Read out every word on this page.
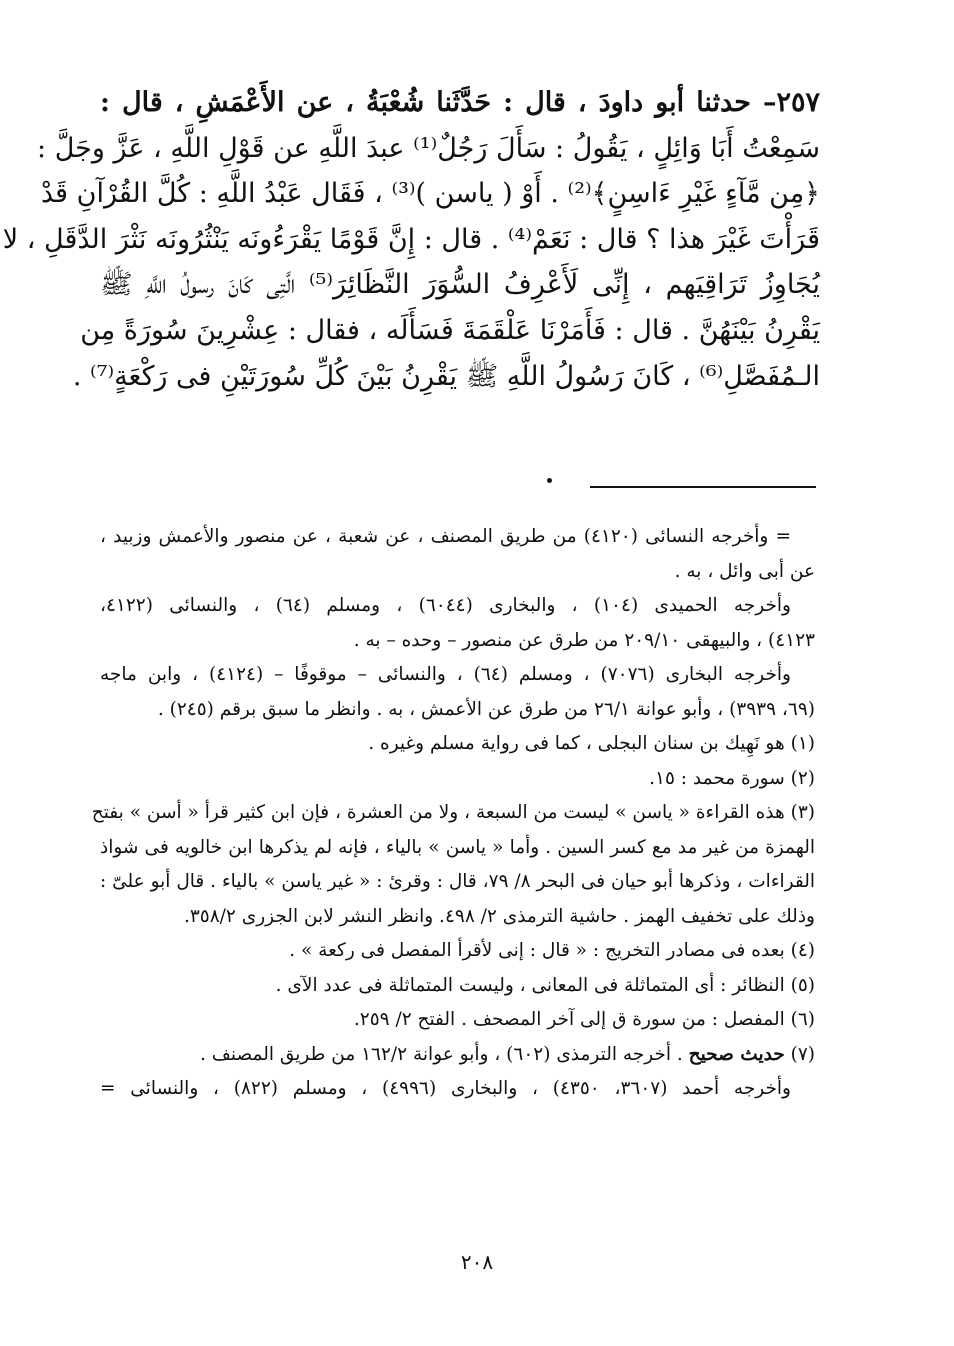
٢٥٧– حدثنا أبو داودَ ، قال : حَدَّثَنا شُعْبَةُ ، عن الأَعْمَشِ ، قال :
سَمِعْتُ أَبَا وَائِلٍ ، يَقُولُ : سَأَلَ رَجُلٌ⁽¹⁾ عبدَ اللَّهِ عن قَوْلِ اللَّهِ ، عَزَّ وجَلَّ :
﴿مِن مَّآءٍ غَيْرِ ءَاسِنٍ﴾⁽²⁾ . أَوْ ( ياسن )⁽³⁾ ، فَقَال عَبْدُ اللَّهِ : كُلَّ القُرْآنِ قَدْ
قَرَأْتَ غَيْرَ هذا ؟ قال : نَعَمْ⁽⁴⁾ . قال : إِنَّ قَوْمًا يَقْرَءُونَه يَنْثُرُونَه نَثْرَ الدَّقَلِ ، لا
يُجَاوِزُ تَرَاقِيَهم ، إِنِّى لَأَعْرِفُ السُّوَرَ النَّظَائِرَ⁽⁵⁾ الَّتِى كَانَ رسولُ اللَّهِ ﷺ
يَقْرِنُ بَيْنَهُنَّ . قال : فَأَمَرْنَا عَلْقَمَةَ فَسَأَلَه ، فقال : عِشْرِينَ سُورَةً مِن
الـمُفَصَّلِ⁽⁶⁾ ، كَانَ رَسُولُ اللَّهِ ﷺ يَقْرِنُ بَيْنَ كُلِّ سُورَتَيْنِ فى رَكْعَةٍ⁽⁷⁾ .
= وأخرجه النسائى (٤١٢٠) من طريق المصنف ، عن شعبة ، عن منصور والأعمش وزبيد ،
عن أبى وائل ، به .
وأخرجه الحميدى (١٠٤) ، والبخارى (٦٠٤٤) ، ومسلم (٦٤) ، والنسائى (٤١٢٢،
٤١٢٣) ، والبيهقى ٢٠٩/١٠ من طرق عن منصور – وحده – به .
وأخرجه البخارى (٧٠٧٦) ، ومسلم (٦٤) ، والنسائى – موقوفًا – (٤١٢٤) ، وابن ماجه
(٦٩، ٣٩٣٩) ، وأبو عوانة ٢٦/١ من طرق عن الأعمش ، به . وانظر ما سبق برقم (٢٤٥) .
(١) هو نَهِيك بن سنان البجلى ، كما فى رواية مسلم وغيره .
(٢) سورة محمد : ١٥.
(٣) هذه القراءة « ياسن » ليست من السبعة ، ولا من العشرة ، فإن ابن كثير قرأ « أسن » بفتح
الهمزة من غير مد مع كسر السين . وأما « ياسن » بالياء ، فإنه لم يذكرها ابن خالويه فى شواذ
القراءات ، وذكرها أبو حيان فى البحر ٨/ ٧٩، قال : وقرئ : « غير ياسن » بالياء . قال أبو علىّ :
وذلك على تخفيف الهمز . حاشية الترمذى ٢/ ٤٩٨. وانظر النشر لابن الجزرى ٣٥٨/٢.
(٤) بعده فى مصادر التخريج : « قال : إنى لأقرأ المفصل فى ركعة » .
(٥) النظائر : أى المتماثلة فى المعانى ، وليست المتماثلة فى عدد الآى .
(٦) المفصل : من سورة ق إلى آخر المصحف . الفتح ٢/ ٢٥٩.
(٧) حديث صحيح . أخرجه الترمذى (٦٠٢) ، وأبو عوانة ١٦٢/٢ من طريق المصنف .
وأخرجه أحمد (٣٦٠٧، ٤٣٥٠) ، والبخارى (٤٩٩٦) ، ومسلم (٨٢٢) ، والنسائى =
٢٠٨
